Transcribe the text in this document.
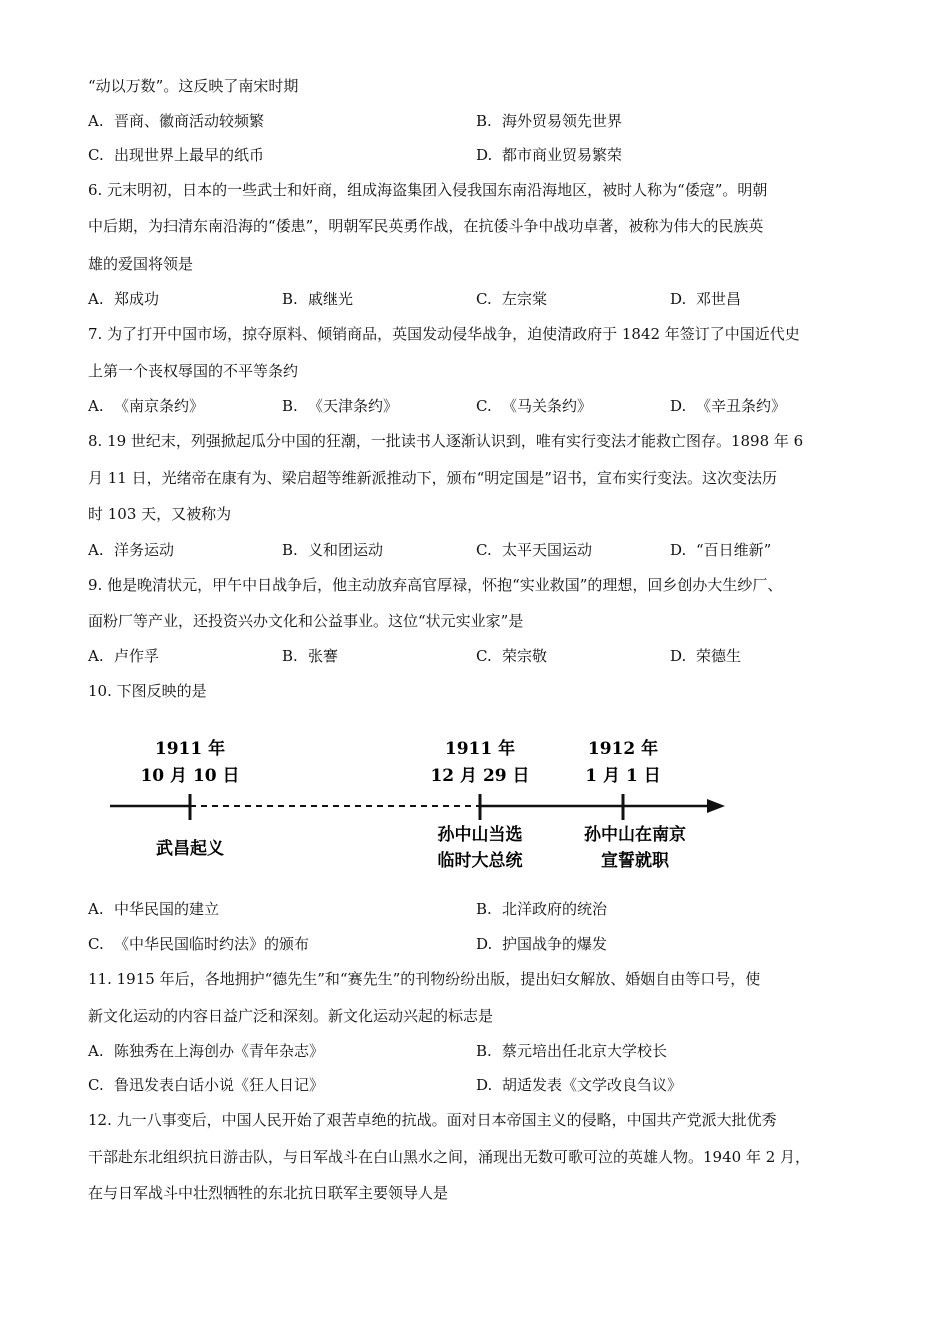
“动以万数”。这反映了南宋时期
A. 晋商、徽商活动较频繁	B. 海外贸易领先世界
C. 出现世界上最早的纸币	D. 都市商业贸易繁荣
6. 元末明初，日本的一些武士和奸商，组成海盗集团入侵我国东南沿海地区，被时人称为“倭寇”。明朝
中后期，为扫清东南沿海的“倭患”，明朝军民英勇作战，在抗倭斗争中战功卓著，被称为伟大的民族英
雄的爱国将领是
A. 郑成功	B. 戚继光	C. 左宗棠	D. 邓世昌
7. 为了打开中国市场，掠夺原料、倾销商品，英国发动侵华战争，迫使清政府于 1842 年签订了中国近代史
上第一个丧权辱国的不平等条约
A. 《南京条约》	B. 《天津条约》	C. 《马关条约》	D. 《辛丑条约》
8. 19 世纪末，列强掀起瓜分中国的狂潮，一批读书人逐渐认识到，唯有实行变法才能救亡图存。1898 年 6
月 11 日，光绪帝在康有为、梁启超等维新派推动下，颁布“明定国是”诏书，宣布实行变法。这次变法历
时 103 天，又被称为
A. 洋务运动	B. 义和团运动	C. 太平天国运动	D. “百日维新”
9. 他是晚清状元，甲午中日战争后，他主动放弃高官厚禄，怀抱“实业救国”的理想，回乡创办大生纱厂、
面粉厂等产业，还投资兴办文化和公益事业。这位“状元实业家”是
A. 卢作孚	B. 张謇	C. 荣宗敬	D. 荣德生
10. 下图反映的是
1911 年
10 月 10 日
武昌起义
1911 年
12 月 29 日
孙中山当选
临时大总统
1912 年
1 月 1 日
孙中山在南京
宣誓就职
A. 中华民国的建立	B. 北洋政府的统治
C. 《中华民国临时约法》的颁布	D. 护国战争的爆发
11. 1915 年后，各地拥护“德先生”和“赛先生”的刊物纷纷出版，提出妇女解放、婚姻自由等口号，使
新文化运动的内容日益广泛和深刻。新文化运动兴起的标志是
A. 陈独秀在上海创办《青年杂志》	B. 蔡元培出任北京大学校长
C. 鲁迅发表白话小说《狂人日记》	D. 胡适发表《文学改良刍议》
12. 九一八事变后，中国人民开始了艰苦卓绝的抗战。面对日本帝国主义的侵略，中国共产党派大批优秀
干部赴东北组织抗日游击队，与日军战斗在白山黑水之间，涌现出无数可歌可泣的英雄人物。1940 年 2 月，
在与日军战斗中壮烈牺牲的东北抗日联军主要领导人是
